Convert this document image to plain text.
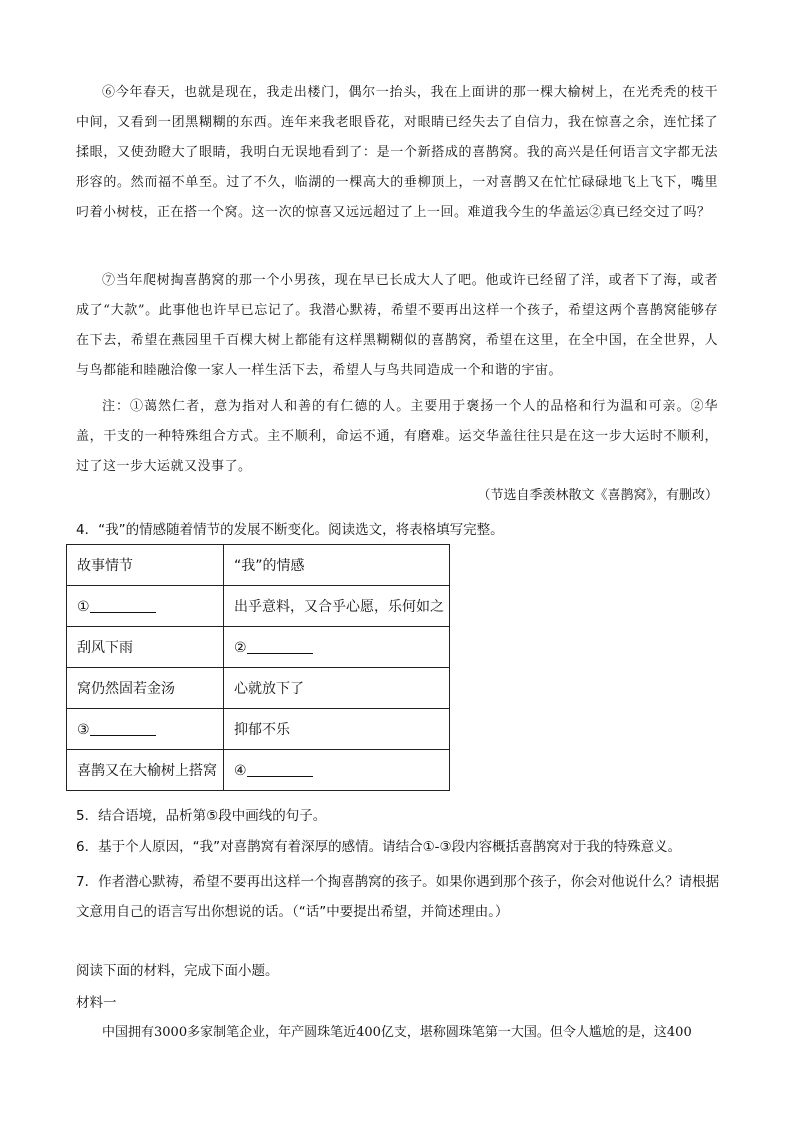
⑥今年春天，也就是现在，我走出楼门，偶尔一抬头，我在上面讲的那一棵大榆树上，在光秃秃的枝干中间，又看到一团黑糊糊的东西。连年来我老眼昏花，对眼睛已经失去了自信力，我在惊喜之余，连忙揉了揉眼，又使劲瞪大了眼睛，我明白无误地看到了：是一个新搭成的喜鹊窝。我的高兴是任何语言文字都无法形容的。然而福不单至。过了不久，临湖的一棵高大的垂柳顶上，一对喜鹊又在忙忙碌碌地飞上飞下，嘴里叼着小树枝，正在搭一个窝。这一次的惊喜又远远超过了上一回。难道我今生的华盖运②真已经交过了吗？
⑦当年爬树掏喜鹊窝的那一个小男孩，现在早已长成大人了吧。他或许已经留了洋，或者下了海，或者成了“大款”。此事他也许早已忘记了。我潜心默祷，希望不要再出这样一个孩子，希望这两个喜鹊窝能够存在下去，希望在燕园里千百棵大树上都能有这样黑糊糊似的喜鹊窝，希望在这里，在全中国，在全世界，人与鸟都能和睦融洽像一家人一样生活下去，希望人与鸟共同造成一个和谐的宇宙。
注：①蔼然仁者，意为指对人和善的有仁德的人。主要用于褒扬一个人的品格和行为温和可亲。②华盖，干支的一种特殊组合方式。主不顺利，命运不通，有磨难。运交华盖往往只是在这一步大运时不顺利，过了这一步大运就又没事了。
（节选自季羡林散文《喜鹊窝》，有删改）
4．“我”的情感随着情节的发展不断变化。阅读选文，将表格填写完整。
故事情节	“我”的情感
①	出乎意料，又合乎心愿，乐何如之
刮风下雨	②
窝仍然固若金汤	心就放下了
③	抑郁不乐
喜鹊又在大榆树上搭窝	④
5．结合语境，品析第⑤段中画线的句子。
6．基于个人原因，“我”对喜鹊窝有着深厚的感情。请结合①-③段内容概括喜鹊窝对于我的特殊意义。
7．作者潜心默祷，希望不要再出这样一个掏喜鹊窝的孩子。如果你遇到那个孩子，你会对他说什么？请根据文意用自己的语言写出你想说的话。（“话”中要提出希望，并简述理由。）
阅读下面的材料，完成下面小题。
材料一
中国拥有3000多家制笔企业，年产圆珠笔近400亿支，堪称圆珠笔第一大国。但令人尴尬的是，这400
